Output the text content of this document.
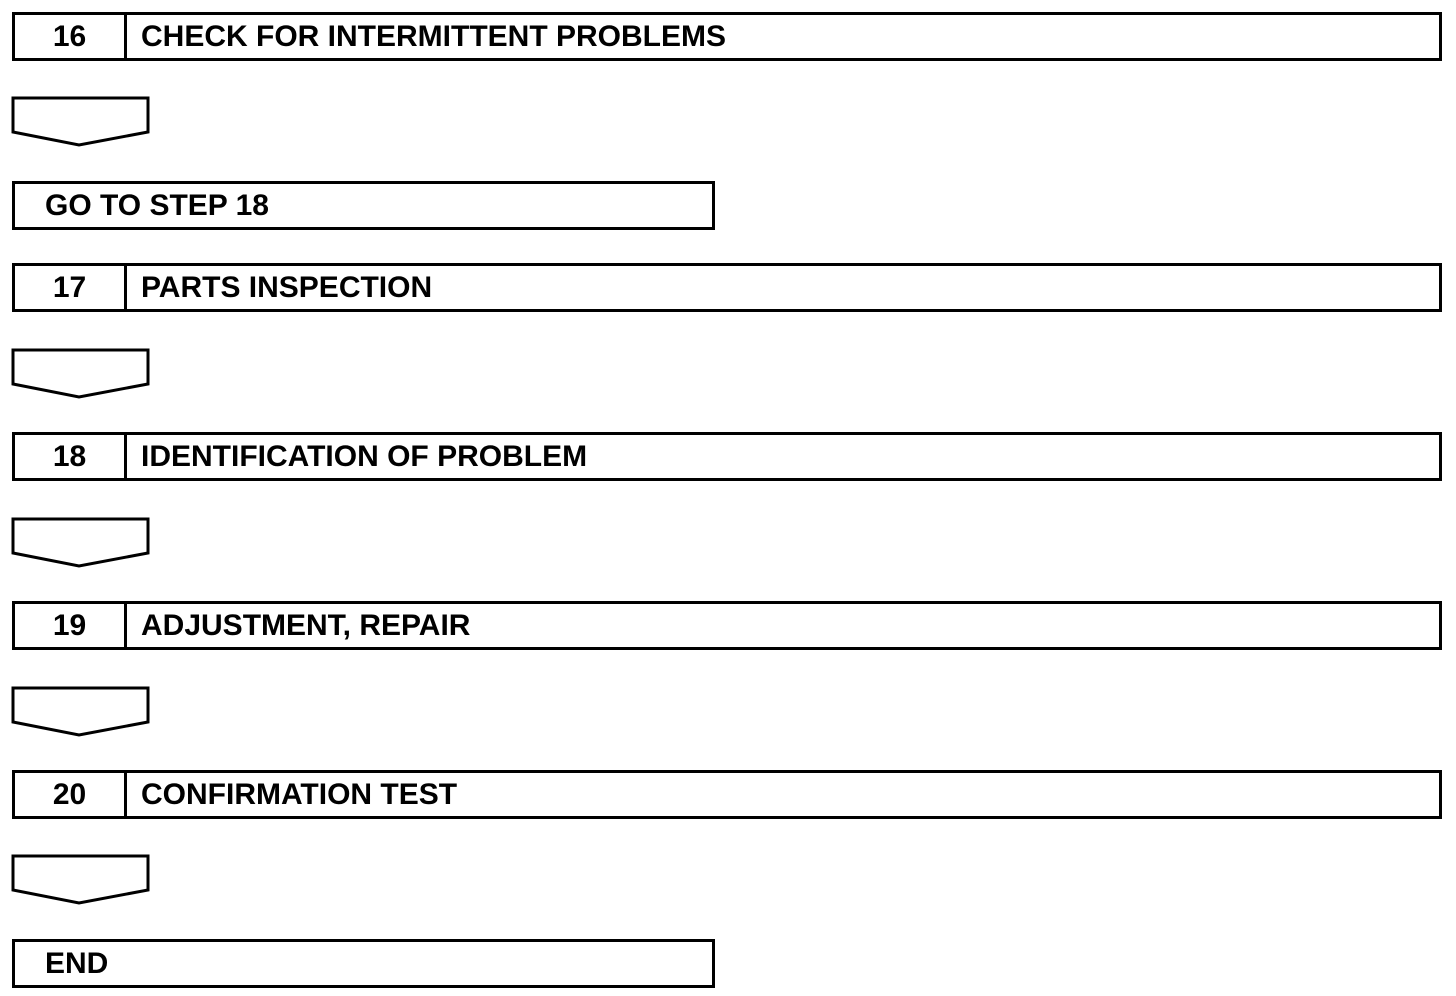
16	CHECK FOR INTERMITTENT PROBLEMS
GO TO STEP 18
17	PARTS INSPECTION
18	IDENTIFICATION OF PROBLEM
19	ADJUSTMENT, REPAIR
20	CONFIRMATION TEST
END
